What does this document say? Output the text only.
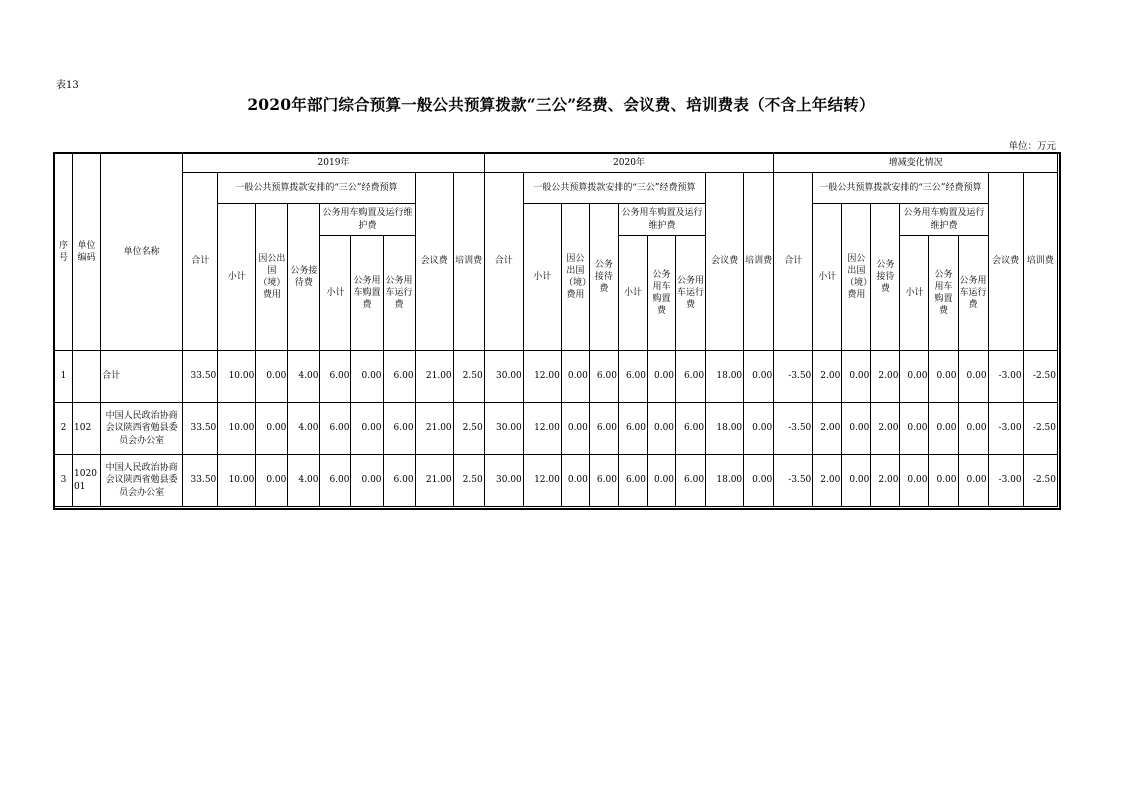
表13
2020年部门综合预算一般公共预算拨款“三公”经费、会议费、培训费表（不含上年结转）
单位：万元
序号	单位编码	单位名称	2019年									2020年									增减变化情况								
			合计	一般公共预算拨款安排的“三公”经费预算						会议费	培训费	合计	一般公共预算拨款安排的“三公”经费预算						会议费	培训费	合计	一般公共预算拨款安排的“三公”经费预算						会议费	培训费
				小计	因公出国（境）费用	公务接待费	公务用车购置及运行维护费						小计	因公出国（境）费用	公务接待费	公务用车购置及运行维护费						小计	因公出国（境）费用	公务接待费	公务用车购置及运行维护费				
							小计	公务用车购置费	公务用车运行费							小计	公务用车购置费	公务用车运行费							小计	公务用车购置费	公务用车运行费		
1		合计	33.50	10.00	0.00	4.00	6.00	0.00	6.00	21.00	2.50	30.00	12.00	0.00	6.00	6.00	0.00	6.00	18.00	0.00	-3.50	2.00	0.00	2.00	0.00	0.00	0.00	-3.00	-2.50
2	102	中国人民政治协商会议陕西省勉县委员会办公室	33.50	10.00	0.00	4.00	6.00	0.00	6.00	21.00	2.50	30.00	12.00	0.00	6.00	6.00	0.00	6.00	18.00	0.00	-3.50	2.00	0.00	2.00	0.00	0.00	0.00	-3.00	-2.50
3	102001	中国人民政治协商会议陕西省勉县委员会办公室	33.50	10.00	0.00	4.00	6.00	0.00	6.00	21.00	2.50	30.00	12.00	0.00	6.00	6.00	0.00	6.00	18.00	0.00	-3.50	2.00	0.00	2.00	0.00	0.00	0.00	-3.00	-2.50
